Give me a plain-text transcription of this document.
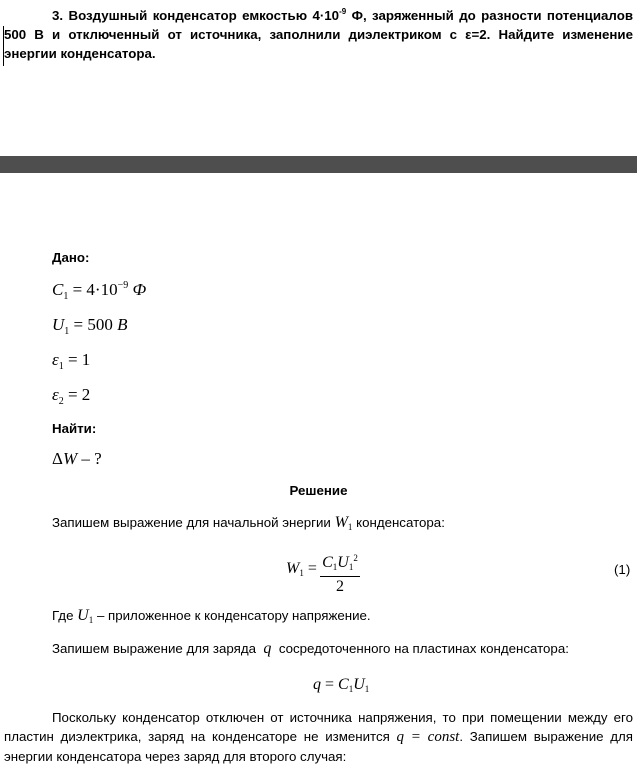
3. Воздушный конденсатор емкостью $4\cdot 10^{-9}$ Ф, заряженный до разности потенциалов 500 В и отключенный от источника, заполнили диэлектриком с ε=2. Найдите изменение энергии конденсатора.
Дано:
$C_1 = 4\cdot 10^{-9}$ Ф
$U_1 = 500$ В
$\varepsilon_1 = 1$
$\varepsilon_2 = 2$
Найти:
ΔW – ?
Решение
Запишем выражение для начальной энергии $W_1$ конденсатора:
$W_1 = \frac{C_1U_1^2}{2}$	(1)
Где $U_1$ – приложенное к конденсатору напряжение.
Запишем выражение для заряда q сосредоточенного на пластинах конденсатора:
$q = C_1U_1$
Поскольку конденсатор отключен от источника напряжения, то при помещении между его пластин диэлектрика, заряд на конденсаторе не изменится q = const. Запишем выражение для энергии конденсатора через заряд для второго случая:
